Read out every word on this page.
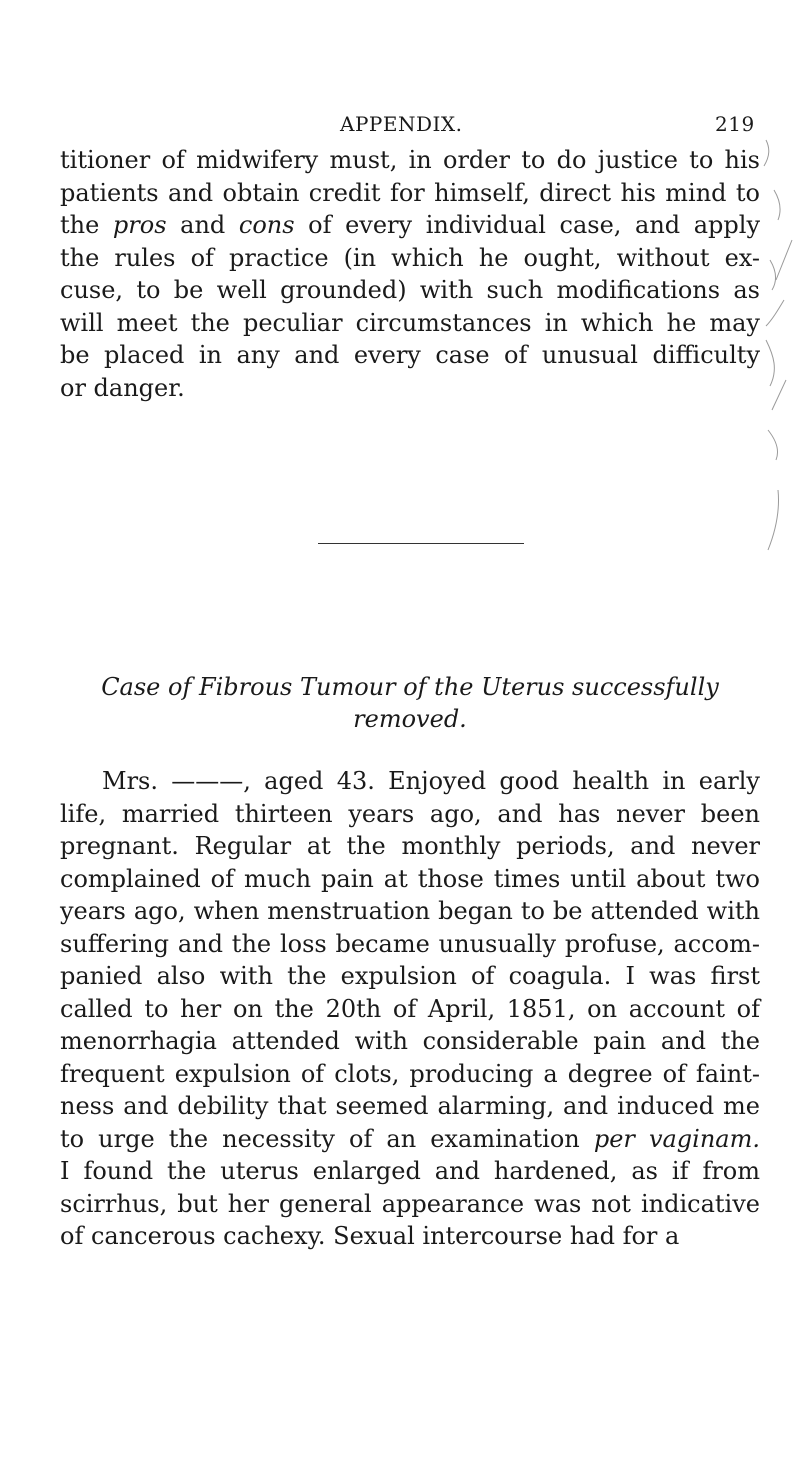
APPENDIX.	219
titioner of midwifery must, in order to do justice to his
patients and obtain credit for himself, direct his mind to
the pros and cons of every individual case, and apply
the rules of practice (in which he ought, without ex-
cuse, to be well grounded) with such modifications as
will meet the peculiar circumstances in which he may
be placed in any and every case of unusual difficulty
or danger.
Case of Fibrous Tumour of the Uterus successfully
removed.
Mrs. ———, aged 43. Enjoyed good health in early
life, married thirteen years ago, and has never been
pregnant. Regular at the monthly periods, and never
complained of much pain at those times until about two
years ago, when menstruation began to be attended with
suffering and the loss became unusually profuse, accom-
panied also with the expulsion of coagula. I was first
called to her on the 20th of April, 1851, on account of
menorrhagia attended with considerable pain and the
frequent expulsion of clots, producing a degree of faint-
ness and debility that seemed alarming, and induced me
to urge the necessity of an examination per vaginam.
I found the uterus enlarged and hardened, as if from
scirrhus, but her general appearance was not indicative
of cancerous cachexy. Sexual intercourse had for a
